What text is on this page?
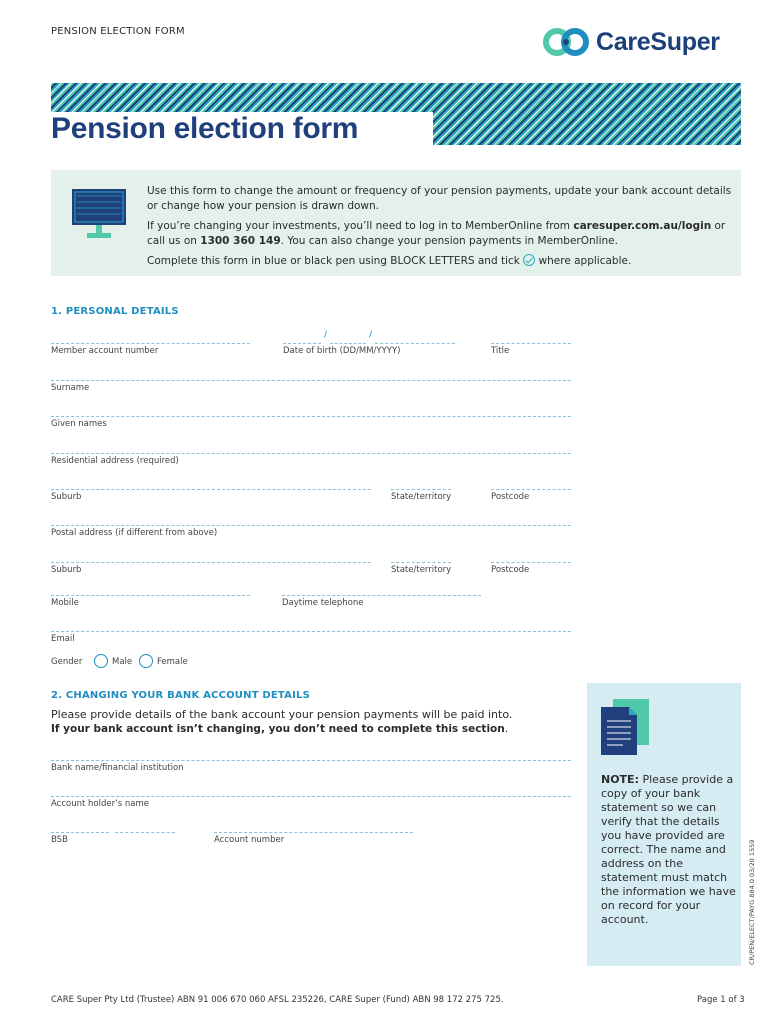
PENSION ELECTION FORM	CareSuper
Pension election form

Use this form to change the amount or frequency of your pension payments, update your bank account details or change how your pension is drawn down.

If you’re changing your investments, you’ll need to log in to MemberOnline from caresuper.com.au/login or call us on 1300 360 149. You can also change your pension payments in MemberOnline.

Complete this form in blue or black pen using BLOCK LETTERS and tick  where applicable.

1. PERSONAL DETAILS
Member account number
/	/
Date of birth (DD/MM/YYYY)	Title
Surname
Given names
Residential address (required)
Suburb	State/territory	Postcode
Postal address (if different from above)
Suburb	State/territory	Postcode
Mobile	Daytime telephone
Email
Gender	Male	Female
2. CHANGING YOUR BANK ACCOUNT DETAILS
Please provide details of the bank account your pension payments will be paid into.
If your bank account isn’t changing, you don’t need to complete this section.
Bank name/financial institution
Account holder’s name
BSB	Account number
NOTE: Please provide a copy of your bank statement so we can verify that the details you have provided are correct. The name and address on the statement must match the information we have on record for your account.	CR/PEN/ELECT/PAYG 884.0 03/20 1559
CARE Super Pty Ltd (Trustee) ABN 91 006 670 060 AFSL 235226, CARE Super (Fund) ABN 98 172 275 725.	Page 1 of 3
